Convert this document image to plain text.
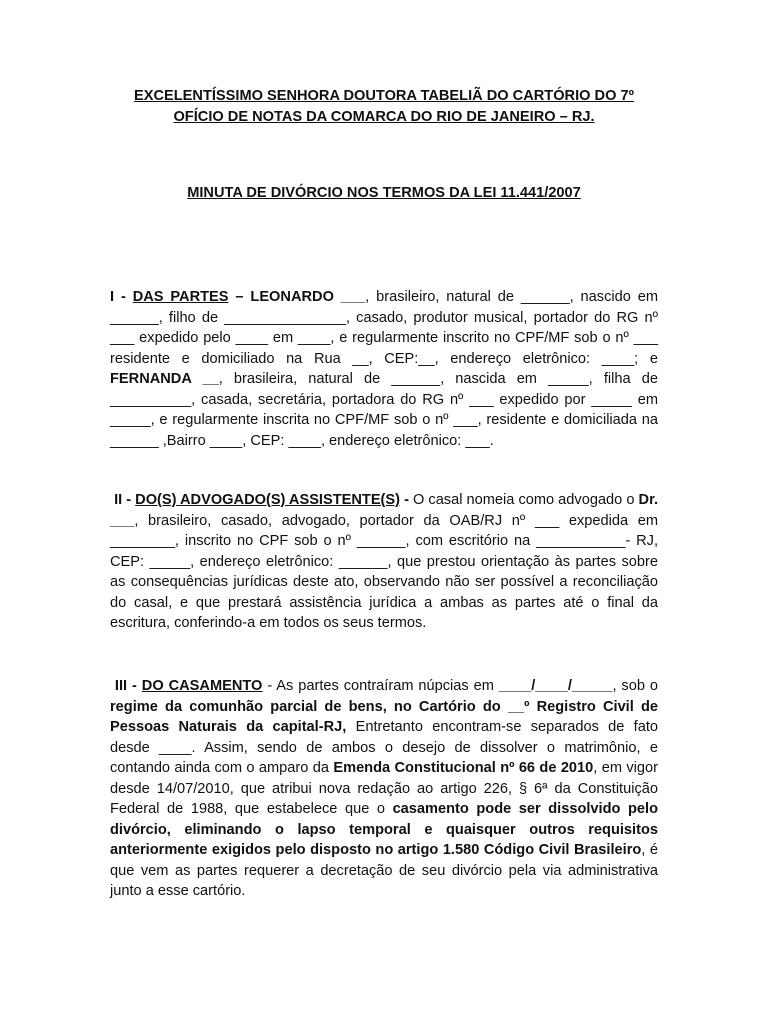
EXCELENTÍSSIMO SENHORA DOUTORA TABELIÃ DO CARTÓRIO DO 7º
OFÍCIO DE NOTAS DA COMARCA DO RIO DE JANEIRO – RJ.
MINUTA DE DIVÓRCIO NOS TERMOS DA LEI 11.441/2007
I - DAS PARTES – LEONARDO ___, brasileiro, natural de ______, nascido em ______, filho de _______________, casado, produtor musical, portador do RG nº ___ expedido pelo ____ em ____, e regularmente inscrito no CPF/MF sob o nº ___ residente e domiciliado na Rua __, CEP:__, endereço eletrônico: ____; e FERNANDA __, brasileira, natural de ______, nascida em _____, filha de __________, casada, secretária, portadora do RG nº ___ expedido por _____ em _____, e regularmente inscrita no CPF/MF sob o nº ___, residente e domiciliada na ______ ,Bairro ____, CEP: ____, endereço eletrônico: ___.
II - DO(S) ADVOGADO(S) ASSISTENTE(S) - O casal nomeia como advogado o Dr. ___, brasileiro, casado, advogado, portador da OAB/RJ nº ___ expedida em ________, inscrito no CPF sob o nº ______, com escritório na ___________- RJ, CEP: _____, endereço eletrônico: ______, que prestou orientação às partes sobre as consequências jurídicas deste ato, observando não ser possível a reconciliação do casal, e que prestará assistência jurídica a ambas as partes até o final da escritura, conferindo-a em todos os seus termos.
III - DO CASAMENTO - As partes contraíram núpcias em ____/____/_____, sob o regime da comunhão parcial de bens, no Cartório do __º Registro Civil de Pessoas Naturais da capital-RJ, Entretanto encontram-se separados de fato desde ____. Assim, sendo de ambos o desejo de dissolver o matrimônio, e contando ainda com o amparo da Emenda Constitucional nº 66 de 2010, em vigor desde 14/07/2010, que atribui nova redação ao artigo 226, § 6ª da Constituição Federal de 1988, que estabelece que o casamento pode ser dissolvido pelo divórcio, eliminando o lapso temporal e quaisquer outros requisitos anteriormente exigidos pelo disposto no artigo 1.580 Código Civil Brasileiro, é que vem as partes requerer a decretação de seu divórcio pela via administrativa junto a esse cartório.
